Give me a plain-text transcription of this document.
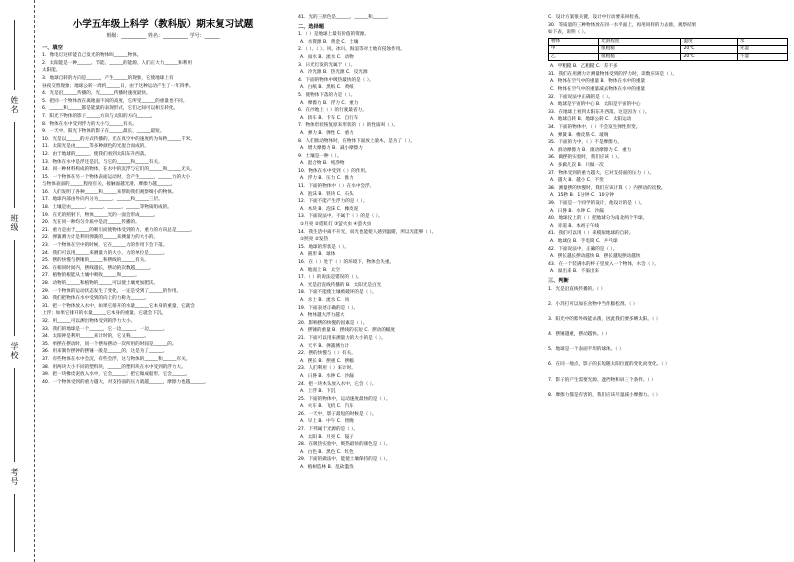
姓名
班级
学校
考号
小学五年级上科学（教科版）期末复习试题
班级：__________ 姓名：__________ 学号：______
一、填空
1．像电灯这样能自己发光的物体叫______物体。
2．太阳能是一种______、节能、______的能源，人们正大力______和利用
太阳能。
3．地球自转的方向是______，产生______的现象，它使地球上有
昼夜交替现象；地球公转一周约______日，由于这种运动产生了一年四季。
4．光是沿______传播的，光______传播时速度最快。
5．把同一个物体放在离地面不同的高度，它所受______的重量也不同。
6．______和______都是能量的表现形式，它们之间可以相互转化。
7．阳光下物体的影子______方向与太阳的方向______。
8．物体在水中受到浮力的大小与______有关。
9．一天中，阳光下物体的影子在______最长，______最短。
10．光是以______的方式传播的，光在真空中的速度约为每秒______千米。
11．太阳光是由______等多种颜色的光混合而成的。
12．由于地球的______，使我们看到太阳东升西落。
13．物体在水中是浮还是沉，与它的______和______有关。
14．同一种材料构成的物体，在水中的沉浮与它们的______和______无关。
15．一个物体在另一个物体表面运动时，会产生______，______力的大小
与物体表面的______程度有关，接触面越光滑，摩擦力越______。
16．人们发明了各种______和______来帮助我们观察细小的物体。
17．地球内部由外向内分为______、______和______三层。
18．土壤是由______、______、______、______等物质组成的。
19．在光的照射下，物体______光的一面会形成______。
20．光在同一种均匀介质中是沿______传播的。
21．重力是由于______的吸引而使物体受到的力，重力的方向总是______。
22．弹簧测力计是利用弹簧的______来测量力的大小的。
23．一个物体在空中的时候，它在______力的作用下会下落。
24．我们可以用______来测量力的大小，力的单位是______。
25．摆的快慢与摆锤的______和摆线的______有关。
26．在相同时间内，摆线越长，摆动的次数越______。
27．植物的根能从土壤中吸收______和______。
28．动物的______和植物的______可以使土壤更加肥沃。
29．一个物体的运动状态发生了变化，一定是受到了______的作用。
30．我们把物体在水中受到的向上的力称为______。
31．把一个物体放入水中，如果它排开的水量______它本身的重量，它就会
上浮；如果它排开的水量______它本身的重量，它就会下沉。
32．用______可以测出物体受到的浮力大小。
33．我们的地球是一个______，它一边______，一边______。
34．太阳钟是利用______来计时的，它又称______。
35．单摆在摆动时，同一个摆每摆动一次所用的时间是______的。
36．用来制作摆钟的摆锤一般是______的，这是为了______。
37．有些物体在水中会沉，有些会浮，这与物体的______和______有关。
38．用两块大小不同的塑料块，______的塑料块在水中受到的浮力大。
39．把一块橡皮泥放入水中，它会______；把它做成船形，它会______。
40．一个物体受到的重力越大，对支持面的压力就越______，摩擦力也越______。
41．光的三原色是______、______和______。
二、选择题
1．（ ）是地球上最有价值的资源。
A．水资源 B．黄金 C．土壤
2．（ ）、（ ）、风、冰川、海浪等对土地有侵蚀作用。
A．雨水 B．流水 C．动物
3．日光灯发的光属于（ ）。
A．冷光源 B．热光源 C．反光源
4．下面的物体中吸热最快的是（ ）。
A．白纸 B．黑纸 C．黄纸
5．使物体下落的力是（ ）。
A．摩擦力 B．浮力 C．重力
6．在沙地上（ ）的行驶最省力。
A．轿车 B．卡车 C．自行车
7．物体形状恢复原来形状的（ ）的性质叫（ ）。
A．弹力 B．弹性 C．重力
8．人们推动物体时，在物体下面放上滚木，是为了（ ）。
A．增大摩擦力 B．减小摩擦力
9．土壤是一种（ ）。
A．混合物 B．纯净物
10．物体在水中受到（ ）的作用。
A．浮力 B．压力 C．推力
11．下面的物体中（ ）在水中会浮。
A．泡沫 B．铁块 C．石头
12．下面不能产生浮力的是（ ）。
A．木块 B．泡沫 C．橡皮泥
13．下面说法中，不属于（ ）的是（ ）。
①月亮 ②霓虹灯 ③萤火虫 ④萤火虫
14．我生活中离不开光，而光也能使人感到温暖，所以光能够（ ）。
①照亮 ②发热
15．地球的形状是（ ）。
A．圆形 B．球体
16．在（ ）处于（ ）的环境下，物体会失重。
A．地面上 B．太空
17．（ ）的说法是错误的（ ）。
A．光是沿直线传播的 B．太阳光是白光
18．下面不能使土壤被破坏的是（ ）。
A．水土 B．流水 C．风
19．下面表述正确的是（ ）。
A．物体越大浮力越大
20．影响摆的快慢的因素是（ ）。
A．摆锤的重量 B．摆线的长短 C．摆动的幅度
21．下面可以用来测量力的大小的是（ ）。
A．天平 B．弹簧测力计
22．摆的快慢与（ ）有关。
A．摆长 B．摆重 C．摆幅
23．人们利用（ ）来计时。
A．日晷 B．水钟 C．沙漏
24．把一块木头放入水中，它会（ ）。
A．上浮 B．下沉
25．下面的物体中，运动速度最快的是（ ）。
A．火车 B．飞机 C．汽车
26．一天中，影子最短的时候是（ ）。
A．早上 B．中午 C．傍晚
27．下列属于光源的是（ ）。
A．太阳 B．月亮 C．镜子
28．在吸热实验中，吸热最快的颜色是（ ）。
A．白色 B．黑色 C．红色
29．下面的做法中，能使土壤保持的是（ ）。
A．植树造林 B．乱砍滥伐
C．设计方案很关键，设计中行动要来回检查。
30．等质量的三种物体放在同一水平面上，再用同样的力去推，观察结果
如下表，说明（ ）。
物体	光滑程度	温度	水
甲	很粗糙	20℃	先湿
乙	很粗糙	20℃	不湿
A．甲粗糙 B．乙粗糙 C．差不多
31．我们在用测力计测量物体受到的浮力时，读数应该是（ ）。
A．物体在空气中的重量 B．物体在水中的重量
C．物体在空气中的重量减去物体在水中的重量
32．下面说法中正确的是（ ）。
A．地球是宇宙的中心 B．太阳是宇宙的中心
33．在地球上看到太阳东升西落，这是因为（ ）。
A．地球自转 B．地球公转 C．太阳运动
34．下面的物体中，（ ）不会发生弹性形变。
A．弹簧 B．橡皮筋 C．玻璃
35．下面的力中，（ ）不是摩擦力。
A．滑动摩擦力 B．滚动摩擦力 C．重力
36．做摆的实验时，我们应该（ ）。
A．多做几次 B．只做一次
37．物体受到的重力越大，它对支持面的压力（ ）。
A．越大 B．越小 C．不变
38．测量摆的快慢时，我们应该计算（ ）内摆动的次数。
A．15秒 B．1分钟 C．10分钟
39．下面是一个同学的设计，他设计的是（ ）。
A．日晷 B．水钟 C．沙漏
40．地球仪上的（ ）把地球分为南北两个半球。
A．赤道 B．本初子午线
41．我们可以用（ ）来模拟地球的自转。
A．地球仪 B．手电筒 C．乒乓球
42．下面说法中，正确的是（ ）。
A．摆长越长摆动越快 B．摆长越短摆动越快
43．在一个装满水的杯子里放入一个物体，水会（ ）。
A．溢出来 B．不溢出来
三、判断
1．光是沿直线传播的。（ ）
2．小苏打可以加在食物中当作膨松剂。（ ）
3．阳光中的紫外线能杀菌，因此我们要多晒太阳。（ ）
4．摆锤越重，摆动越快。（ ）
5．地球是一个表面平坦的球体。（ ）
6．在同一地点，影子的长短随太阳位置的变化而变化。（ ）
7．影子的产生需要光源、遮挡物和屏三个条件。（ ）
8．摩擦力都是有害的，我们应该尽量减小摩擦力。（ ）
